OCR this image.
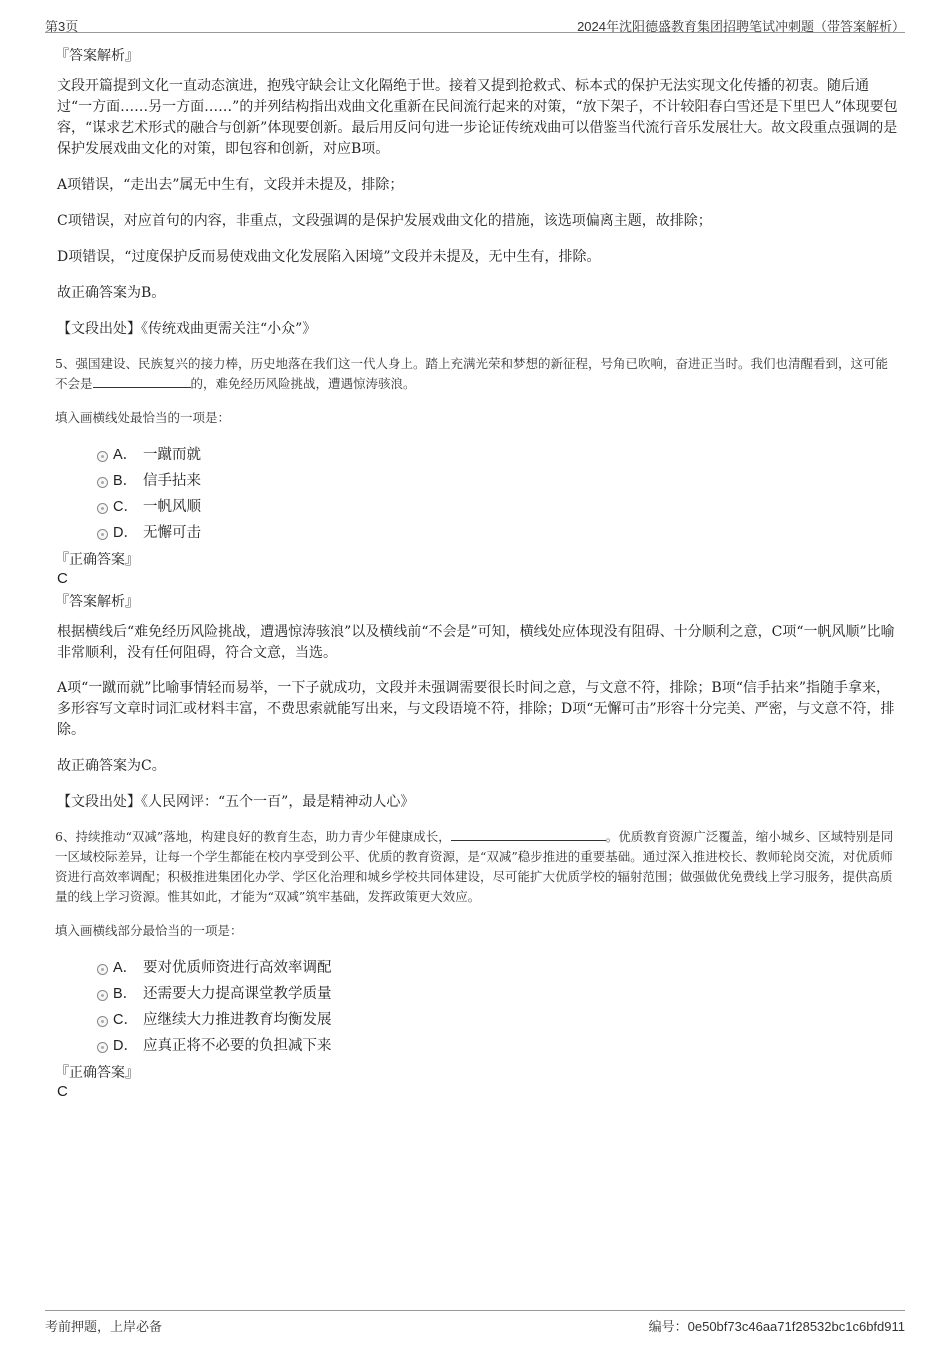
第3页	2024年沈阳德盛教育集团招聘笔试冲刺题（带答案解析）

『答案解析』

文段开篇提到文化一直动态演进，抱残守缺会让文化隔绝于世。接着又提到抢救式、标本式的保护无法实现文化传播的初衷。随后通过“一方面……另一方面……”的并列结构指出戏曲文化重新在民间流行起来的对策，“放下架子，不计较阳春白雪还是下里巴人”体现要包容，“谋求艺术形式的融合与创新”体现要创新。最后用反问句进一步论证传统戏曲可以借鉴当代流行音乐发展壮大。故文段重点强调的是保护发展戏曲文化的对策，即包容和创新，对应B项。

A项错误，“走出去”属无中生有，文段并未提及，排除；

C项错误，对应首句的内容，非重点，文段强调的是保护发展戏曲文化的措施，该选项偏离主题，故排除；

D项错误，“过度保护反而易使戏曲文化发展陷入困境”文段并未提及，无中生有，排除。

故正确答案为B。

【文段出处】《传统戏曲更需关注“小众”》

5、强国建设、民族复兴的接力棒，历史地落在我们这一代人身上。踏上充满光荣和梦想的新征程，号角已吹响，奋进正当时。我们也清醒看到，这可能不会是	的，难免经历风险挑战，遭遇惊涛骇浪。

填入画横线处最恰当的一项是：

A． 一蹴而就
B． 信手拈来
C． 一帆风顺
D． 无懈可击

『正确答案』

C

『答案解析』

根据横线后“难免经历风险挑战，遭遇惊涛骇浪”以及横线前“不会是”可知，横线处应体现没有阻碍、十分顺利之意，C项“一帆风顺”比喻非常顺利，没有任何阻碍，符合文意，当选。

A项“一蹴而就”比喻事情轻而易举，一下子就成功，文段并未强调需要很长时间之意，与文意不符，排除；B项“信手拈来”指随手拿来，多形容写文章时词汇或材料丰富，不费思索就能写出来，与文段语境不符，排除；D项“无懈可击”形容十分完美、严密，与文意不符，排除。

故正确答案为C。

【文段出处】《人民网评：“五个一百”，最是精神动人心》

6、持续推动“双减”落地，构建良好的教育生态，助力青少年健康成长，	。优质教育资源广泛覆盖，缩小城乡、区域特别是同一区域校际差异，让每一个学生都能在校内享受到公平、优质的教育资源，是“双减”稳步推进的重要基础。通过深入推进校长、教师轮岗交流，对优质师资进行高效率调配；积极推进集团化办学、学区化治理和城乡学校共同体建设，尽可能扩大优质学校的辐射范围；做强做优免费线上学习服务，提供高质量的线上学习资源。惟其如此，才能为“双减”筑牢基础，发挥政策更大效应。

填入画横线部分最恰当的一项是：

A． 要对优质师资进行高效率调配
B． 还需要大力提高课堂教学质量
C． 应继续大力推进教育均衡发展
D． 应真正将不必要的负担减下来

『正确答案』

C

考前押题，上岸必备	编号：0e50bf73c46aa71f28532bc1c6bfd911
